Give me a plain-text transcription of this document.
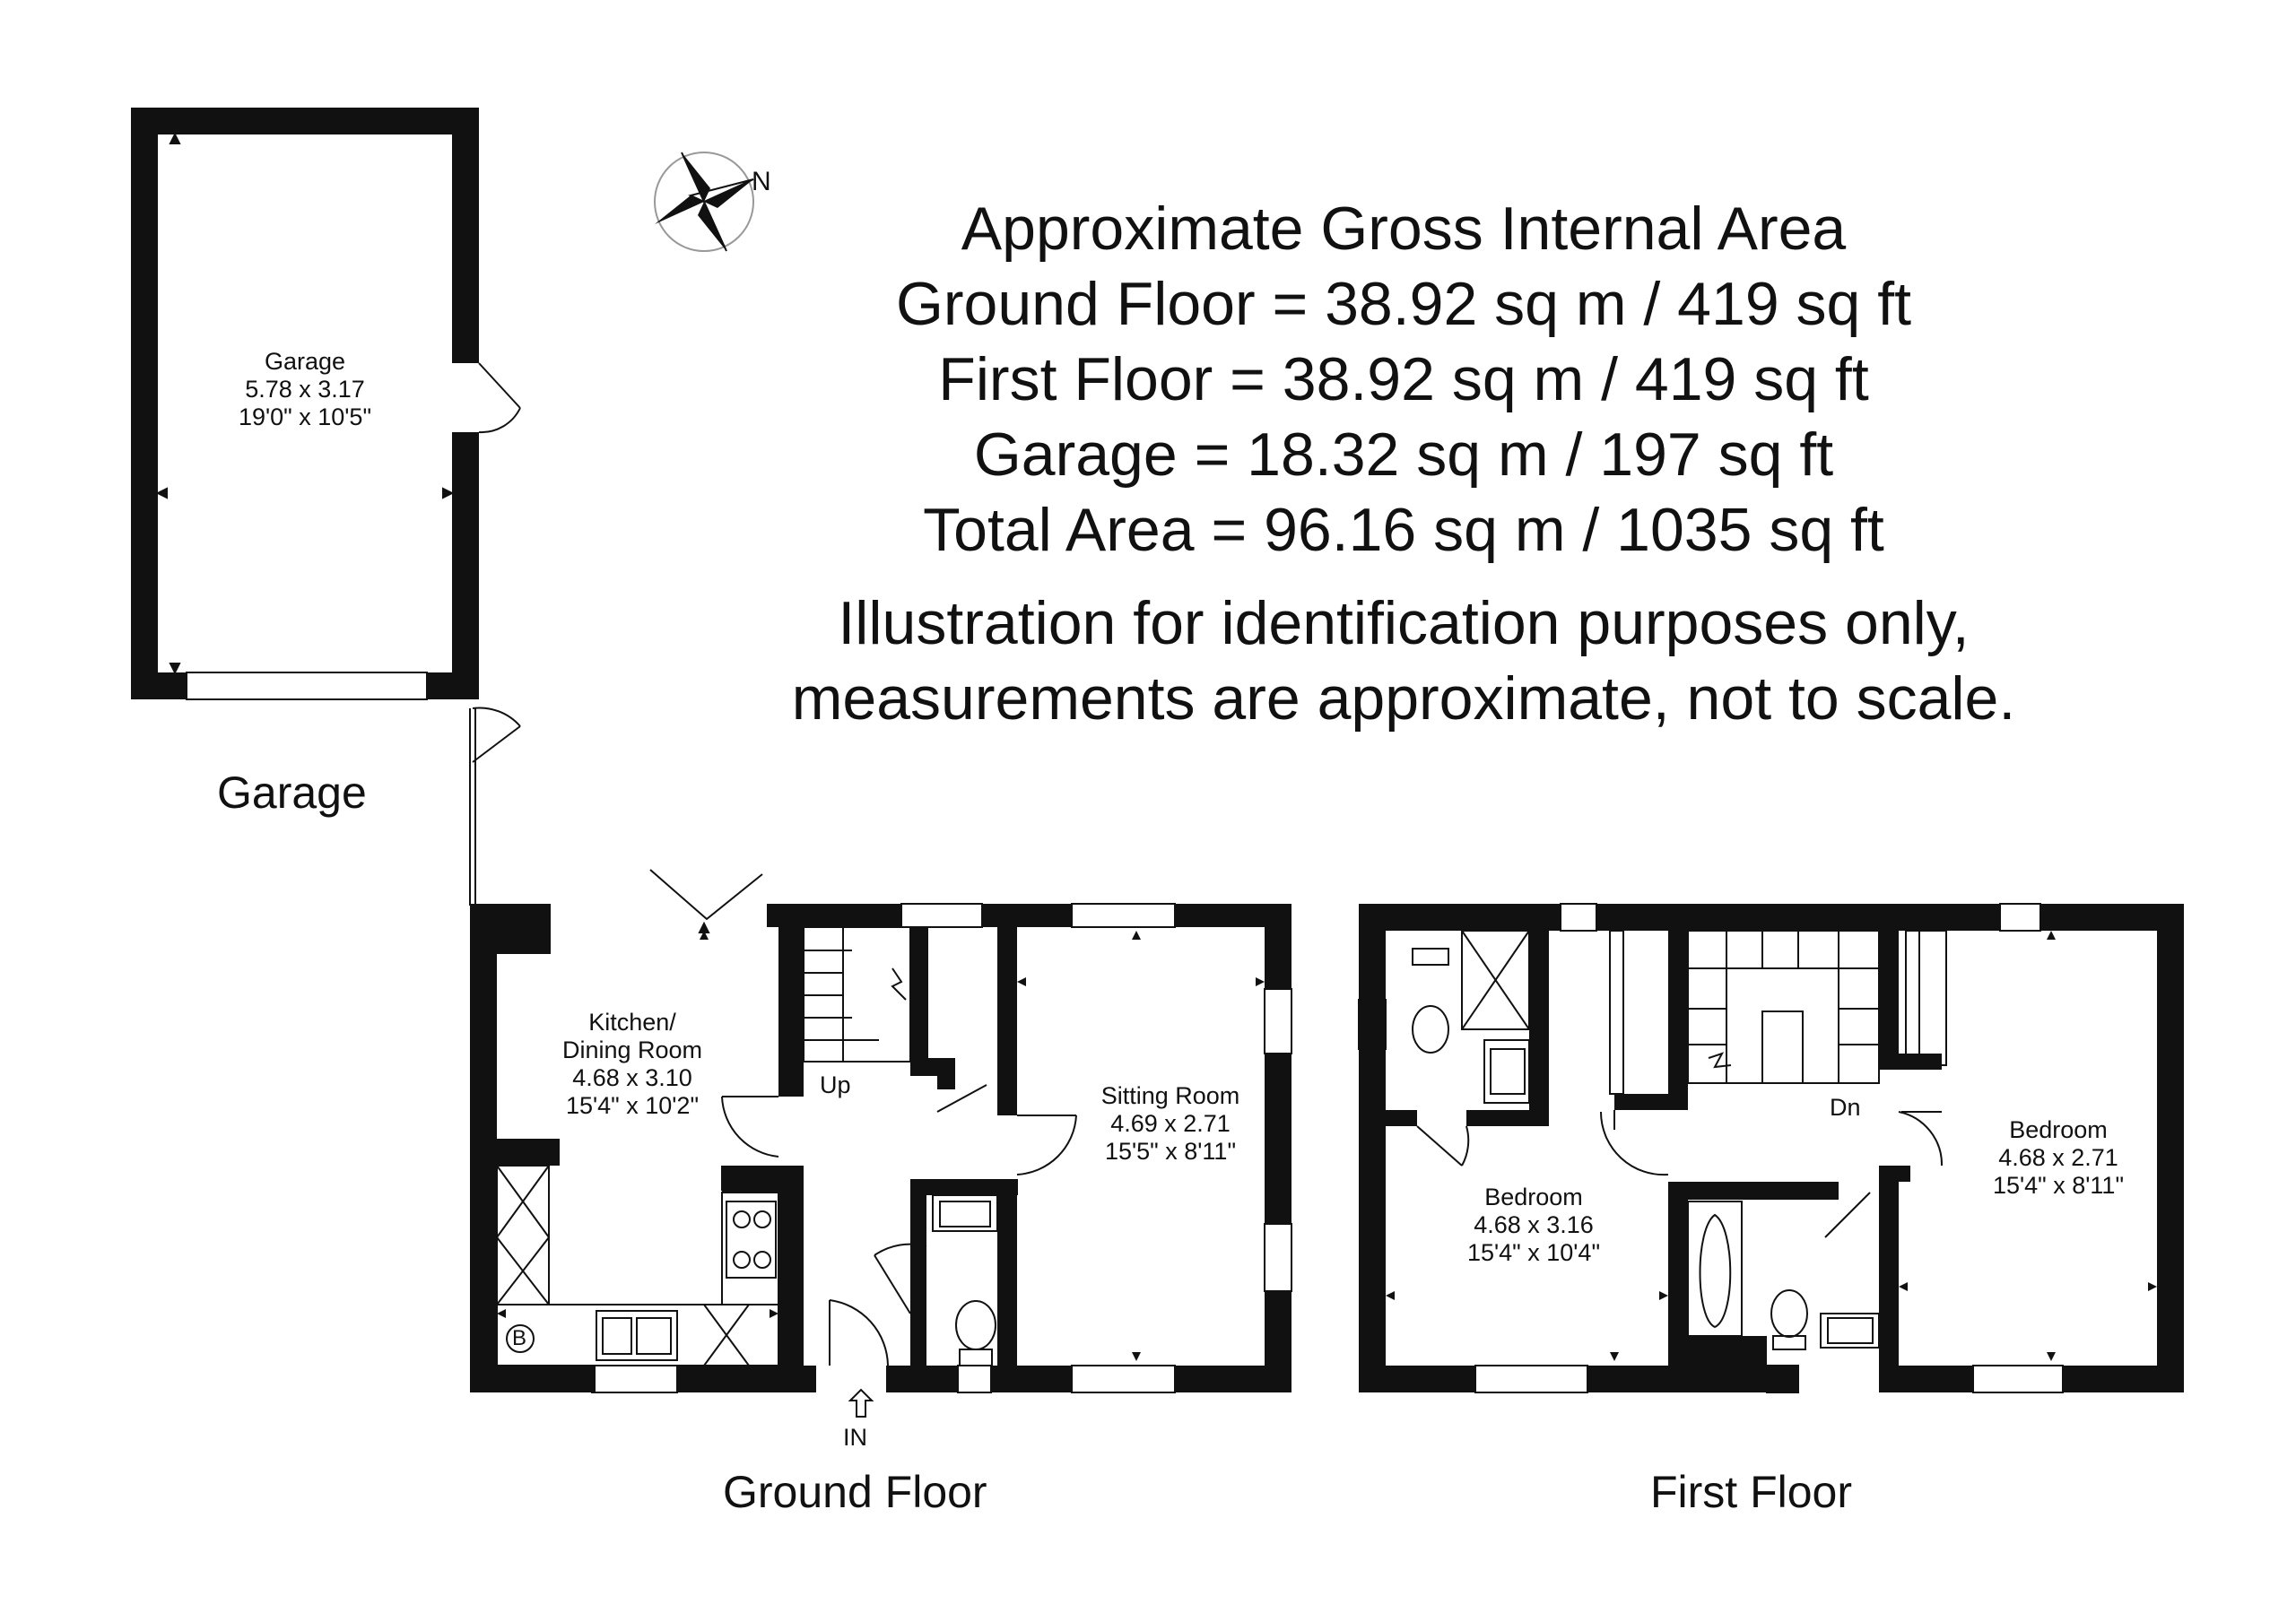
N
Approximate Gross Internal Area
Ground Floor = 38.92 sq m / 419 sq ft
First Floor = 38.92 sq m / 419 sq ft
Garage = 18.32 sq m / 197 sq ft
Total Area = 96.16 sq m / 1035 sq ft
Illustration for identification purposes only,
measurements are approximate, not to scale.
Garage
Ground Floor	First Floor
Garage
5.78 x 3.17
19'0" x 10'5"
Kitchen/
Dining Room
4.68 x 3.10
15'4" x 10'2"	Sitting Room
4.69 x 2.71
15'5" x 8'11"
Bedroom
4.68 x 3.16
15'4" x 10'4"
Bedroom
4.68 x 2.71
15'4" x 8'11"
Up
Dn
IN
B
